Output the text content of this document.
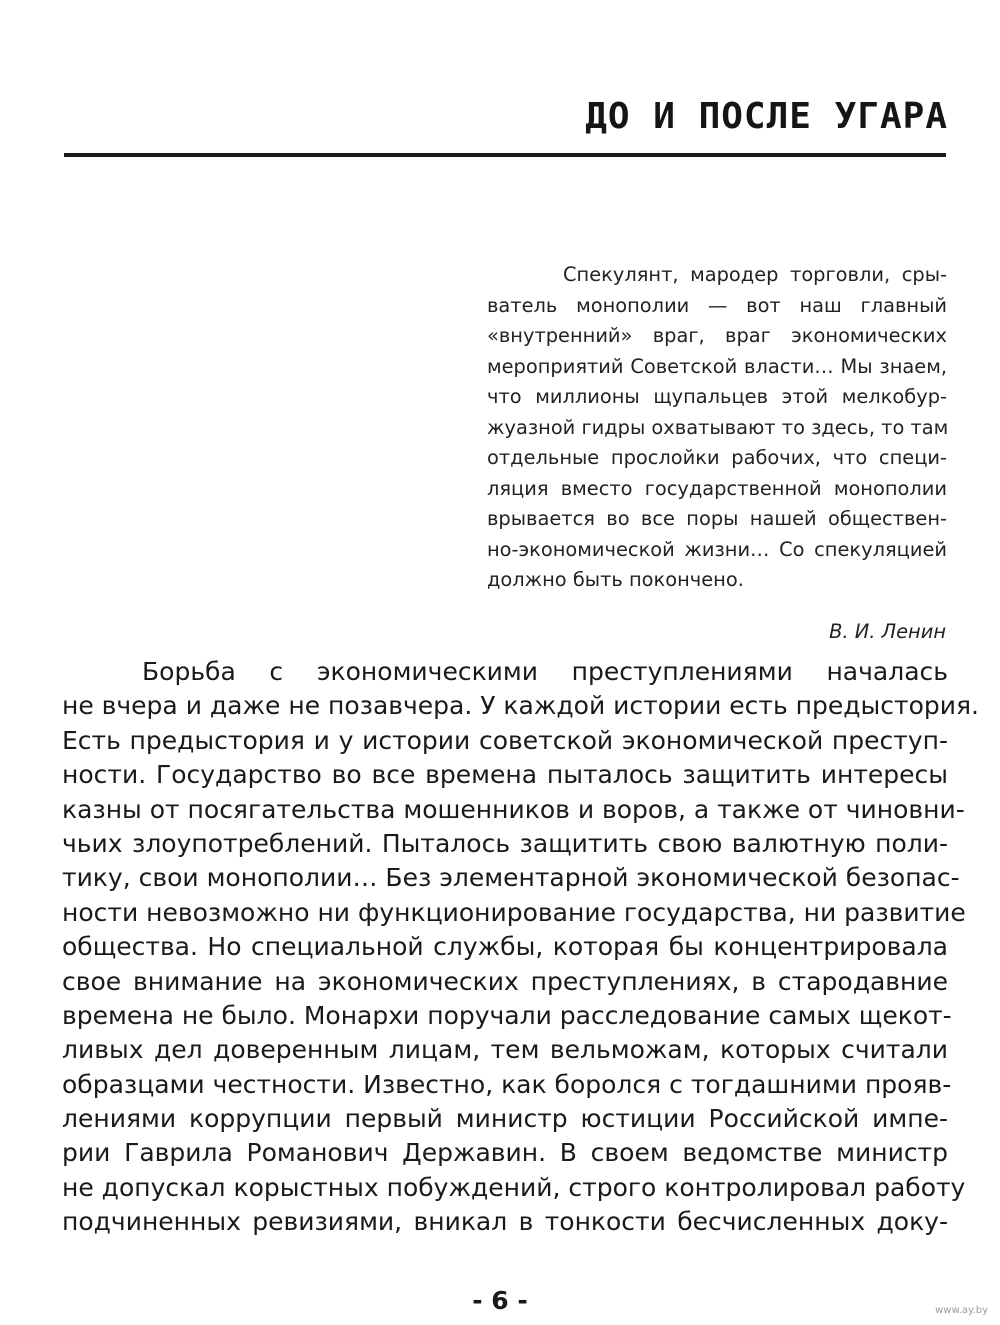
ДО И ПОСЛЕ УГАРА
Спекулянт, мародер торговли, сры-
ватель монополии — вот наш главный
«внутренний» враг, враг экономических
мероприятий Советской власти… Мы знаем,
что миллионы щупальцев этой мелкобур-
жуазной гидры охватывают то здесь, то там
отдельные прослойки рабочих, что специ-
ляция вместо государственной монополии
врывается во все поры нашей обществен-
но-экономической жизни… Со спекуляцией
должно быть покончено.

В. И. Ленин

Борьба с экономическими преступлениями началась
не вчера и даже не позавчера. У каждой истории есть предыстория.
Есть предыстория и у истории советской экономической преступ-
ности. Государство во все времена пыталось защитить интересы
казны от посягательства мошенников и воров, а также от чиновни-
чьих злоупотреблений. Пыталось защитить свою валютную поли-
тику, свои монополии… Без элементарной экономической безопас-
ности невозможно ни функционирование государства, ни развитие
общества. Но специальной службы, которая бы концентрировала
свое внимание на экономических преступлениях, в стародавние
времена не было. Монархи поручали расследование самых щекот-
ливых дел доверенным лицам, тем вельможам, которых считали
образцами честности. Известно, как боролся с тогдашними прояв-
лениями коррупции первый министр юстиции Российской импе-
рии Гаврила Романович Державин. В своем ведомстве министр
не допускал корыстных побуждений, строго контролировал работу
подчиненных ревизиями, вникал в тонкости бесчисленных доку-
- 6 -	www.ay.by
